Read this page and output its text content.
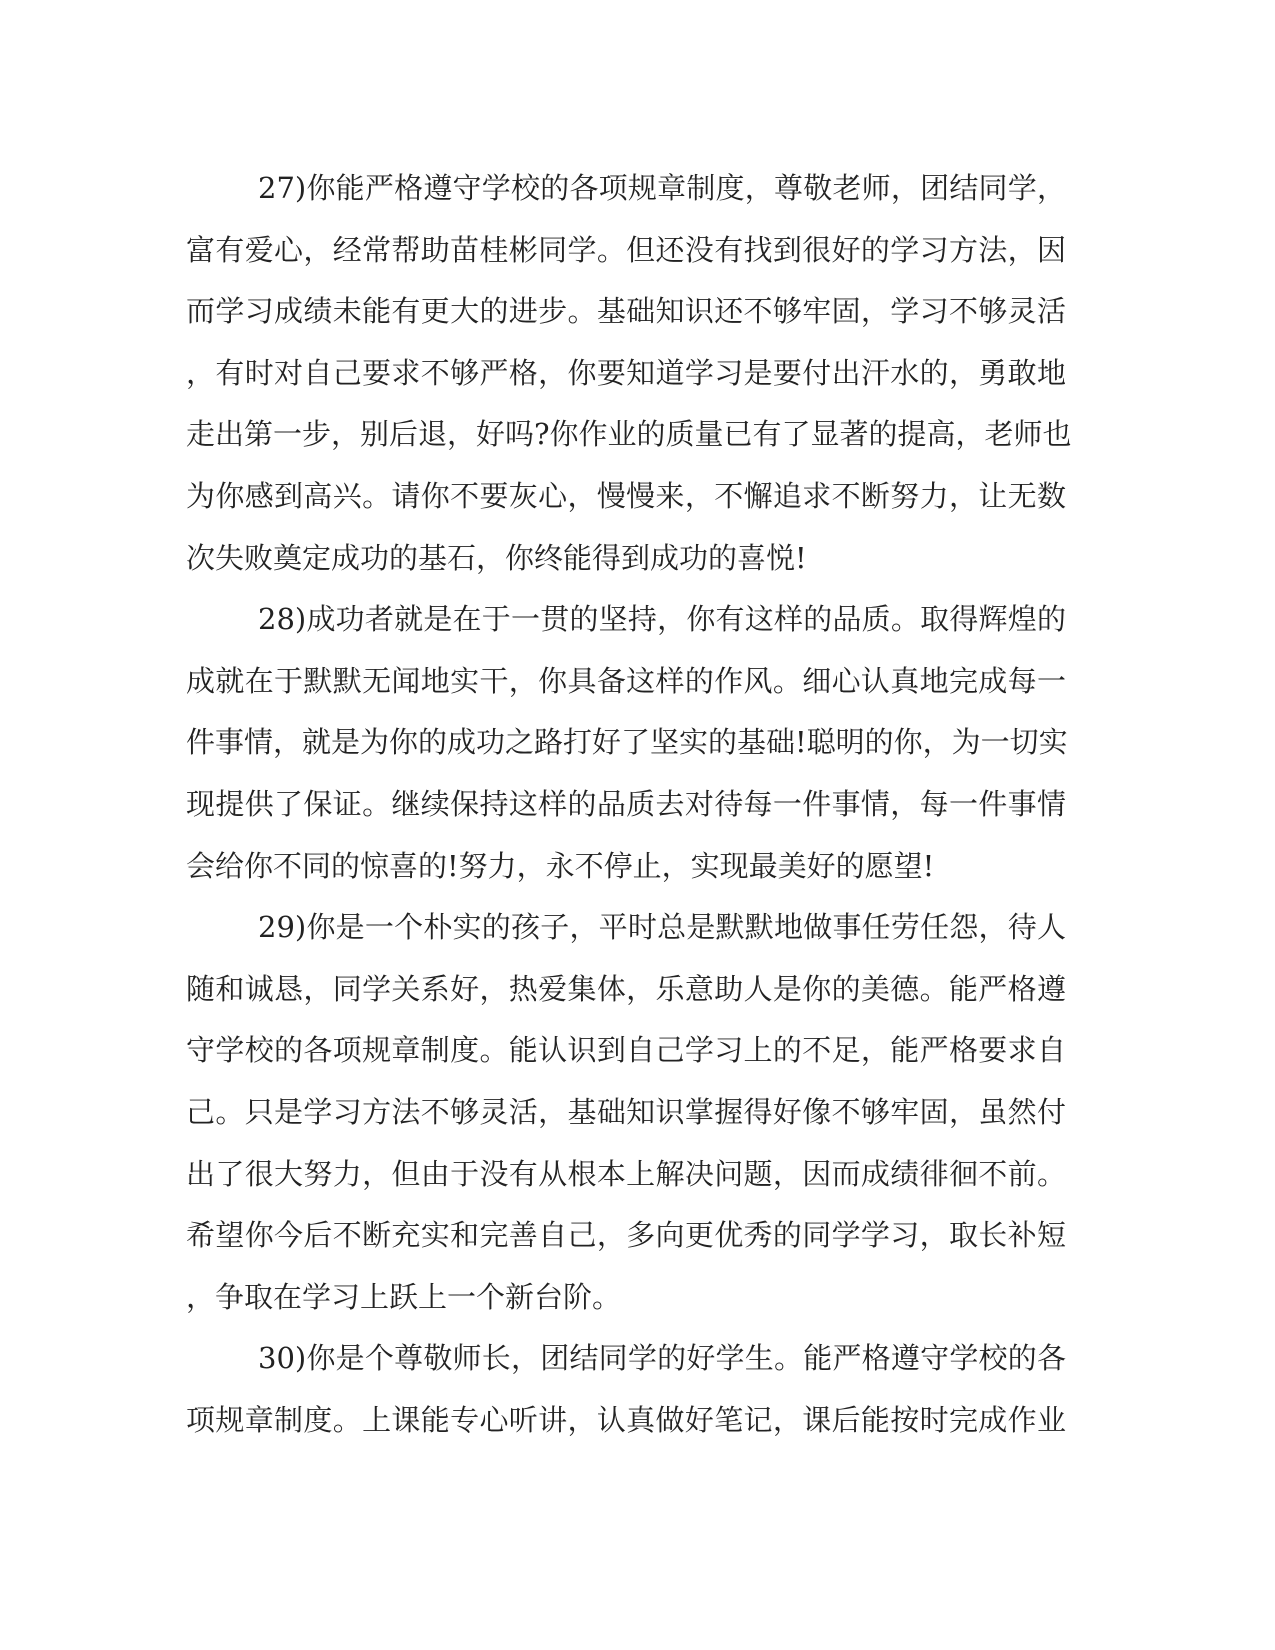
27)你能严格遵守学校的各项规章制度，尊敬老师，团结同学，
富有爱心，经常帮助苗桂彬同学。但还没有找到很好的学习方法，因
而学习成绩未能有更大的进步。基础知识还不够牢固，学习不够灵活
，有时对自己要求不够严格，你要知道学习是要付出汗水的，勇敢地
走出第一步，别后退，好吗?你作业的质量已有了显著的提高，老师也
为你感到高兴。请你不要灰心，慢慢来，不懈追求不断努力，让无数
次失败奠定成功的基石，你终能得到成功的喜悦!
28)成功者就是在于一贯的坚持，你有这样的品质。取得辉煌的
成就在于默默无闻地实干，你具备这样的作风。细心认真地完成每一
件事情，就是为你的成功之路打好了坚实的基础!聪明的你，为一切实
现提供了保证。继续保持这样的品质去对待每一件事情，每一件事情
会给你不同的惊喜的!努力，永不停止，实现最美好的愿望!
29)你是一个朴实的孩子，平时总是默默地做事任劳任怨，待人
随和诚恳，同学关系好，热爱集体，乐意助人是你的美德。能严格遵
守学校的各项规章制度。能认识到自己学习上的不足，能严格要求自
己。只是学习方法不够灵活，基础知识掌握得好像不够牢固，虽然付
出了很大努力，但由于没有从根本上解决问题，因而成绩徘徊不前。
希望你今后不断充实和完善自己，多向更优秀的同学学习，取长补短
，争取在学习上跃上一个新台阶。
30)你是个尊敬师长，团结同学的好学生。能严格遵守学校的各
项规章制度。上课能专心听讲，认真做好笔记，课后能按时完成作业
